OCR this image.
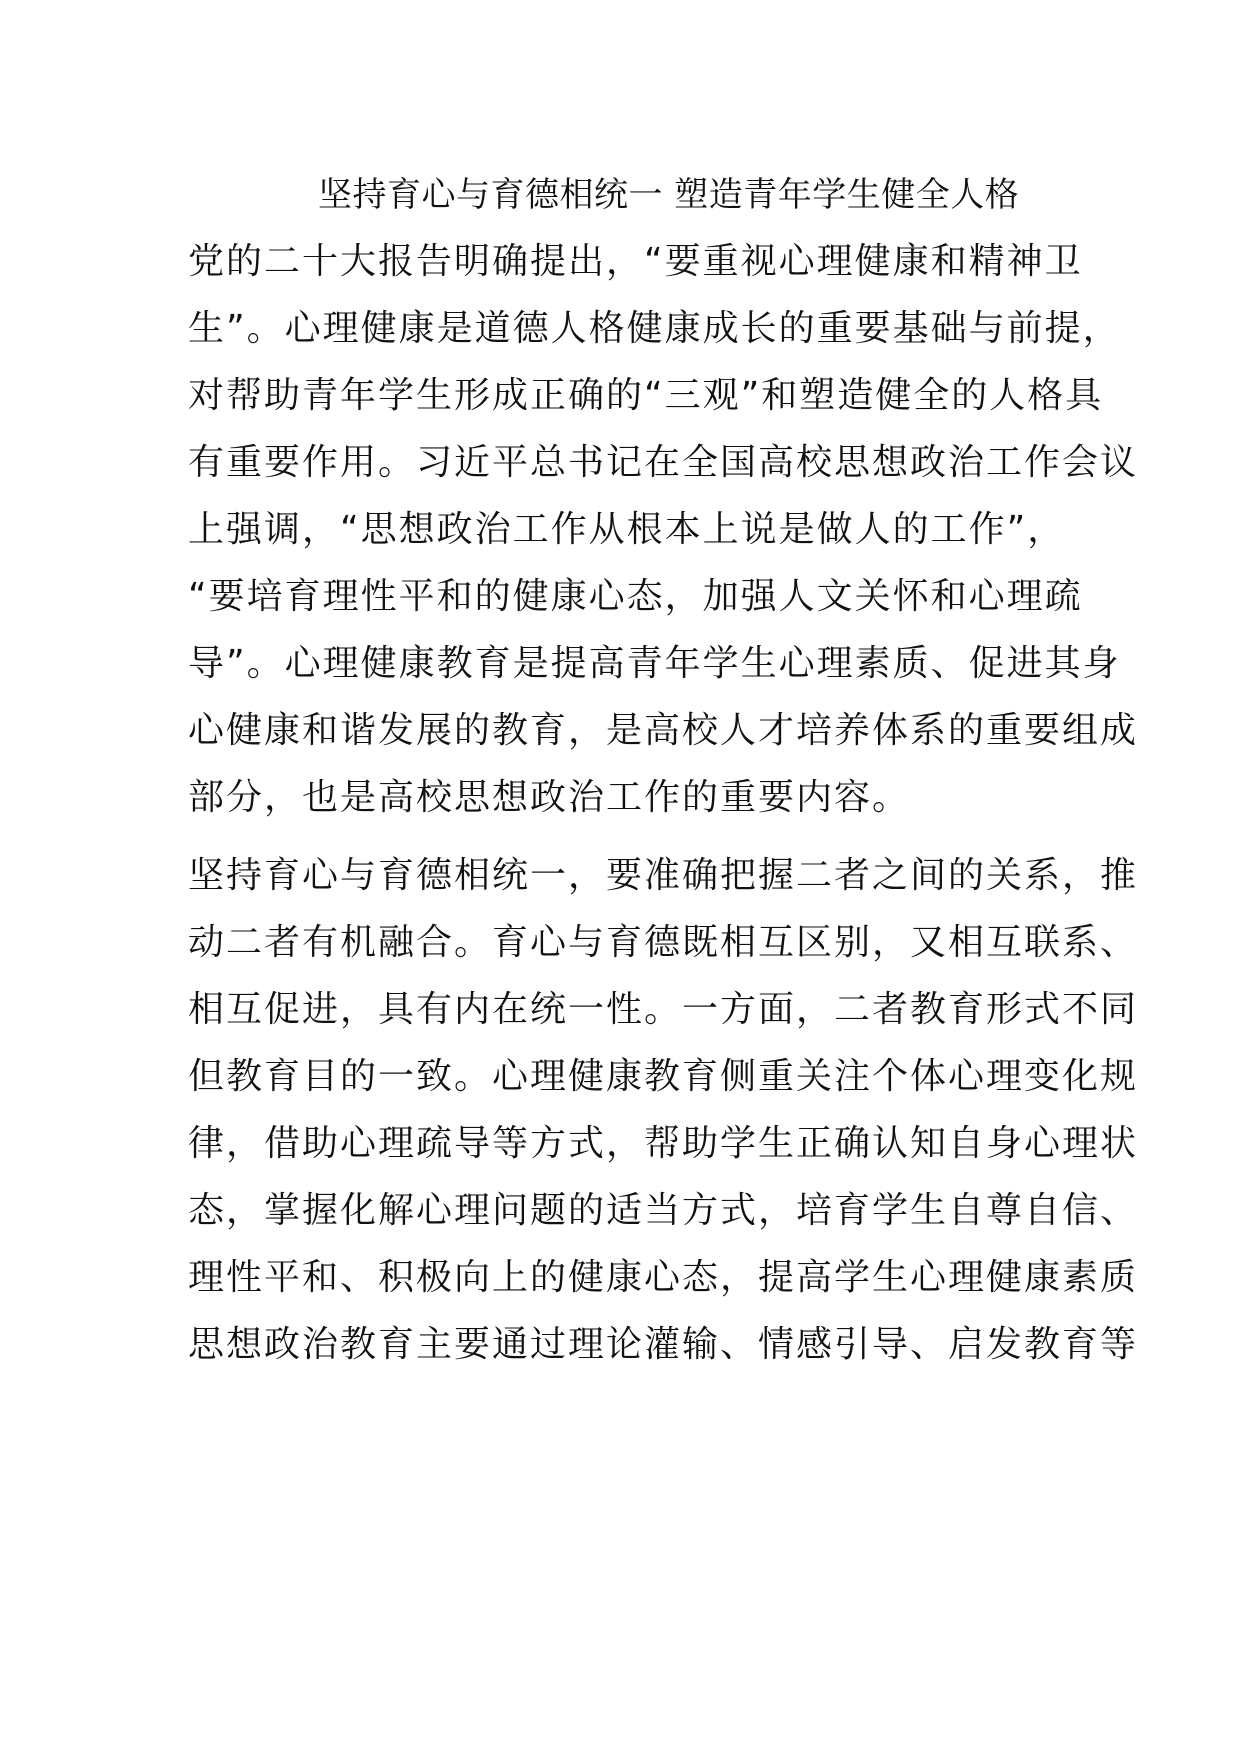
坚持育心与育德相统一 塑造青年学生健全人格
党的二十大报告明确提出，“要重视心理健康和精神卫
生”。心理健康是道德人格健康成长的重要基础与前提，
对帮助青年学生形成正确的“三观”和塑造健全的人格具
有重要作用。习近平总书记在全国高校思想政治工作会议
上强调，“思想政治工作从根本上说是做人的工作”，
“要培育理性平和的健康心态，加强人文关怀和心理疏
导”。心理健康教育是提高青年学生心理素质、促进其身
心健康和谐发展的教育，是高校人才培养体系的重要组成
部分，也是高校思想政治工作的重要内容。
坚持育心与育德相统一，要准确把握二者之间的关系，推
动二者有机融合。育心与育德既相互区别，又相互联系、
相互促进，具有内在统一性。一方面，二者教育形式不同
但教育目的一致。心理健康教育侧重关注个体心理变化规
律，借助心理疏导等方式，帮助学生正确认知自身心理状
态，掌握化解心理问题的适当方式，培育学生自尊自信、
理性平和、积极向上的健康心态，提高学生心理健康素质
思想政治教育主要通过理论灌输、情感引导、启发教育等
